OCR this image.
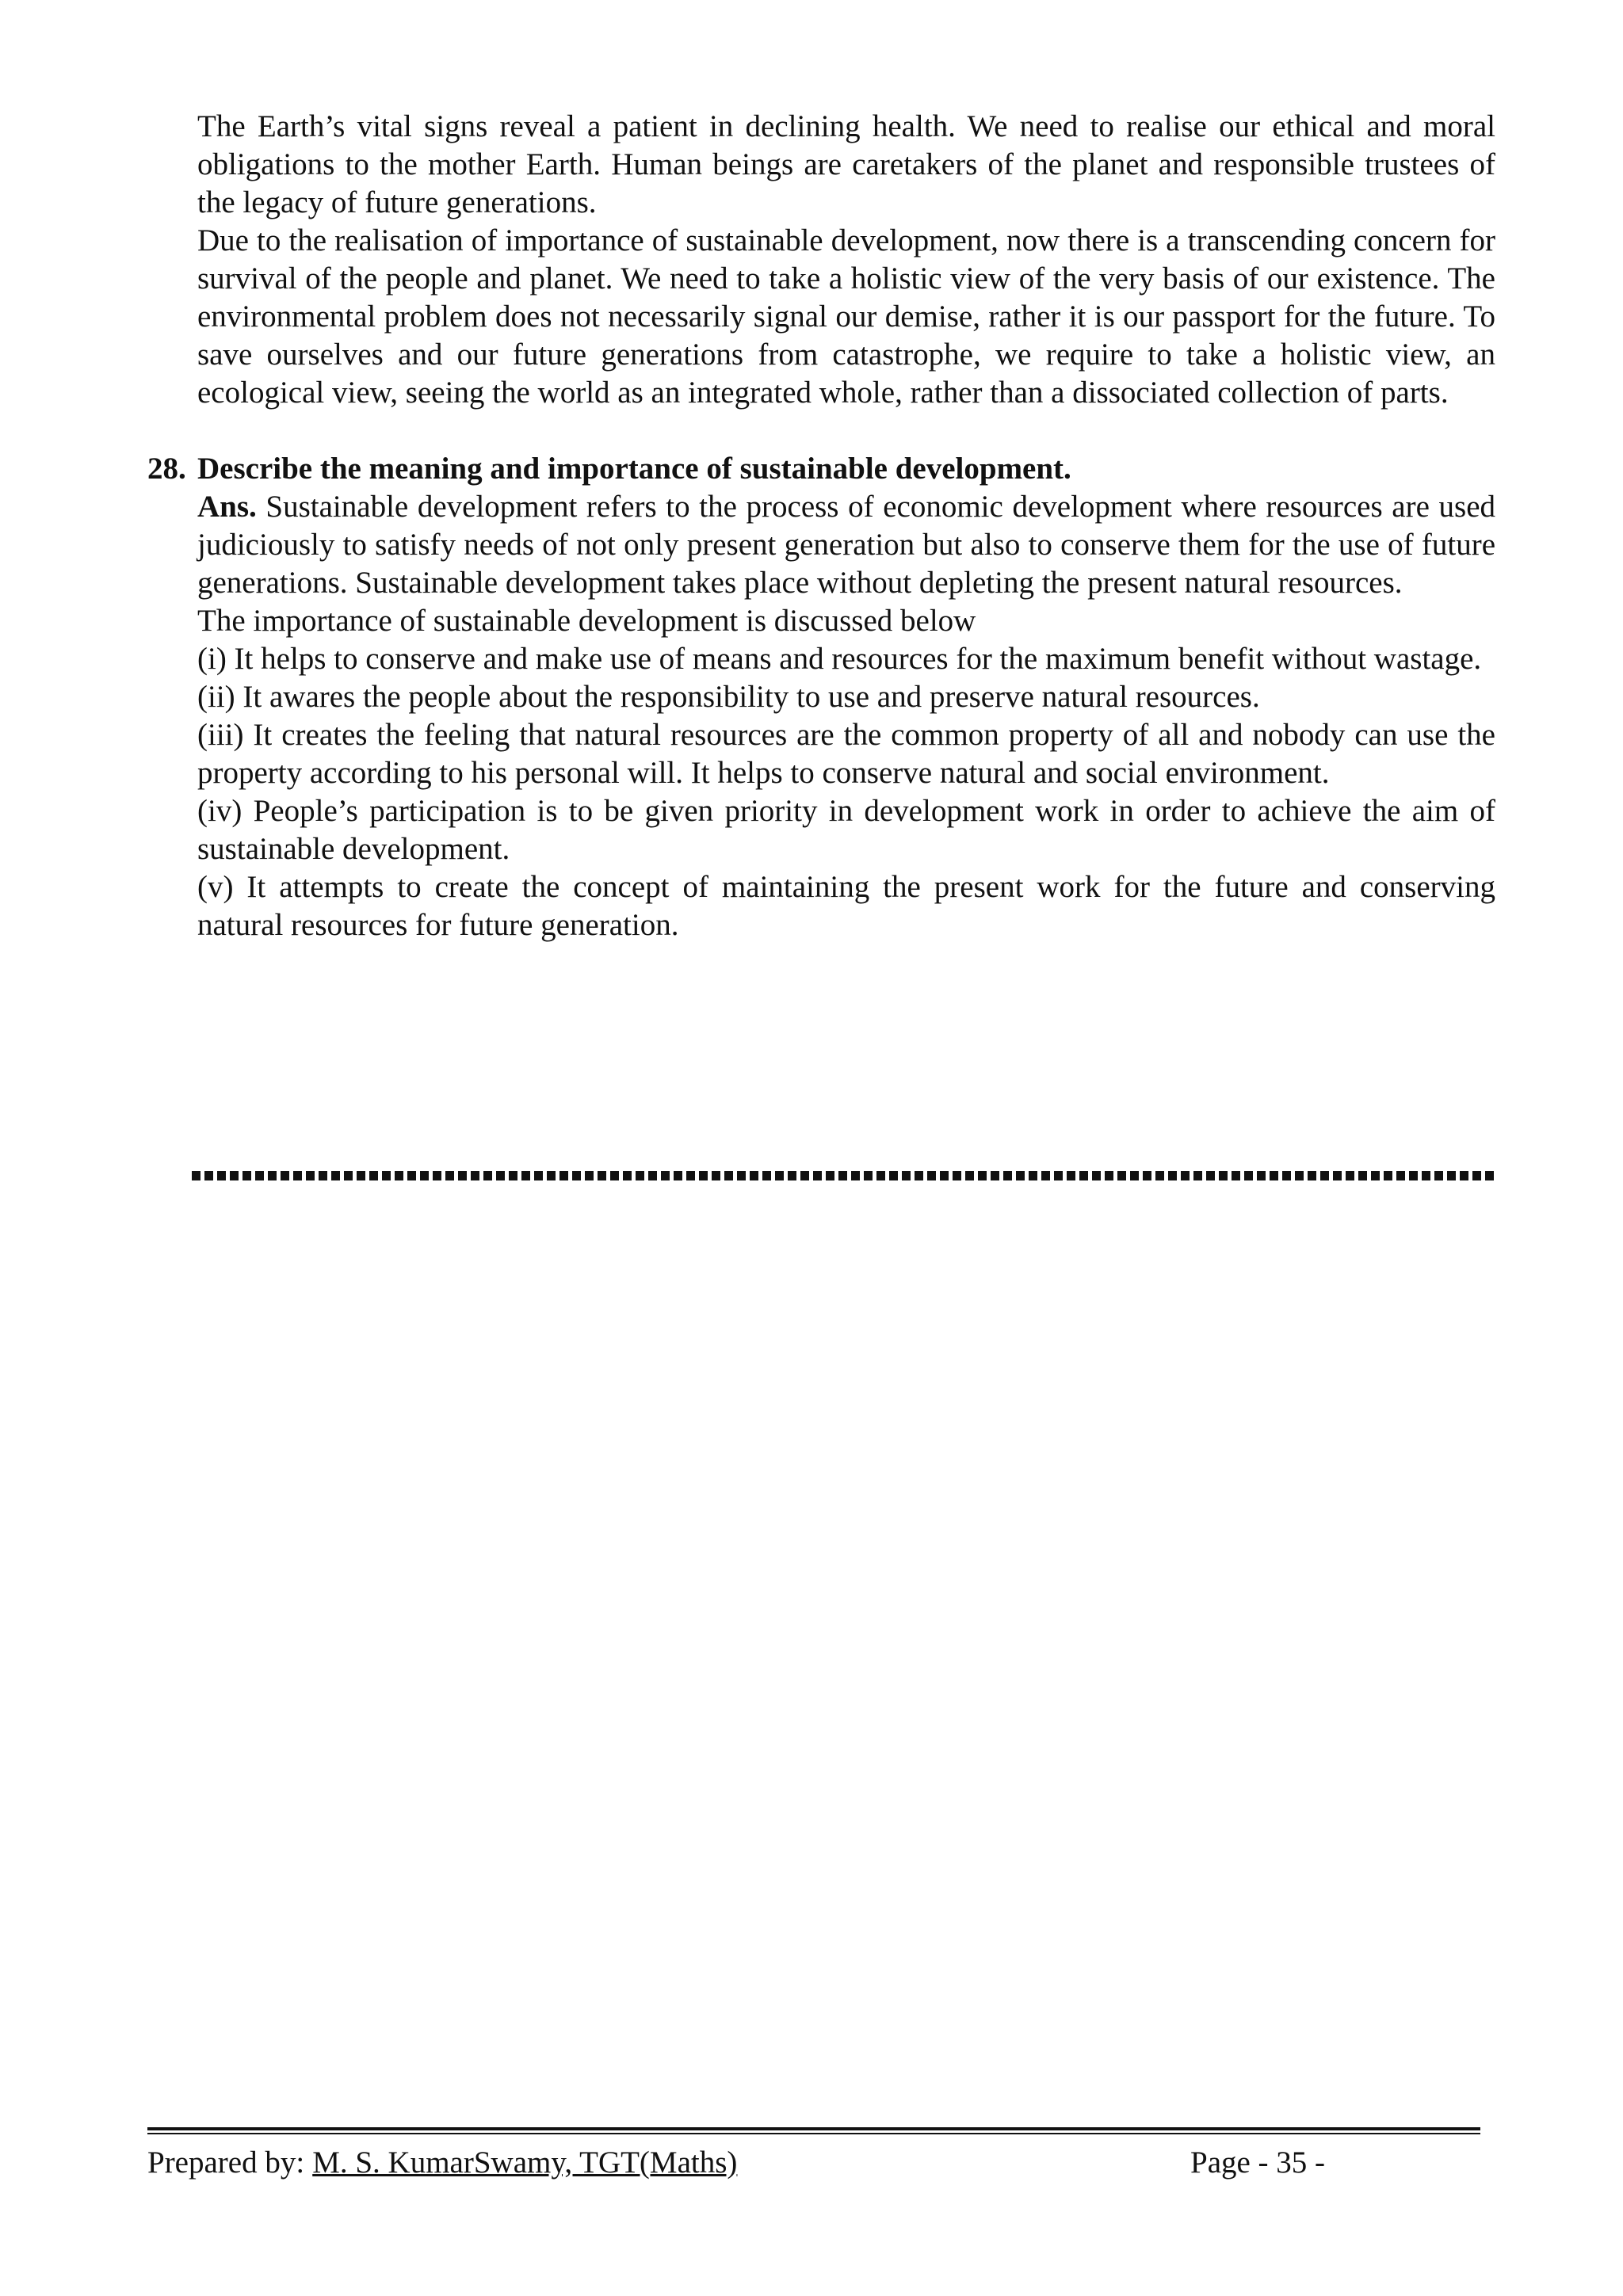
The Earth’s vital signs reveal a patient in declining health. We need to realise our ethical and moral obligations to the mother Earth. Human beings are caretakers of the planet and responsible trustees of the legacy of future generations.

Due to the realisation of importance of sustainable development, now there is a transcending concern for survival of the people and planet. We need to take a holistic view of the very basis of our existence. The environmental problem does not necessarily signal our demise, rather it is our passport for the future. To save ourselves and our future generations from catastrophe, we require to take a holistic view, an ecological view, seeing the world as an integrated whole, rather than a dissociated collection of parts.

28. Describe the meaning and importance of sustainable development.

Ans. Sustainable development refers to the process of economic development where resources are used judiciously to satisfy needs of not only present generation but also to conserve them for the use of future generations. Sustainable development takes place without depleting the present natural resources.

The importance of sustainable development is discussed below

(i) It helps to conserve and make use of means and resources for the maximum benefit without wastage.

(ii) It awares the people about the responsibility to use and preserve natural resources.

(iii) It creates the feeling that natural resources are the common property of all and nobody can use the property according to his personal will. It helps to conserve natural and social environment.

(iv) People’s participation is to be given priority in development work in order to achieve the aim of sustainable development.

(v) It attempts to create the concept of maintaining the present work for the future and conserving natural resources for future generation.

Prepared by: M. S. KumarSwamy, TGT(Maths)	Page - 35 -
